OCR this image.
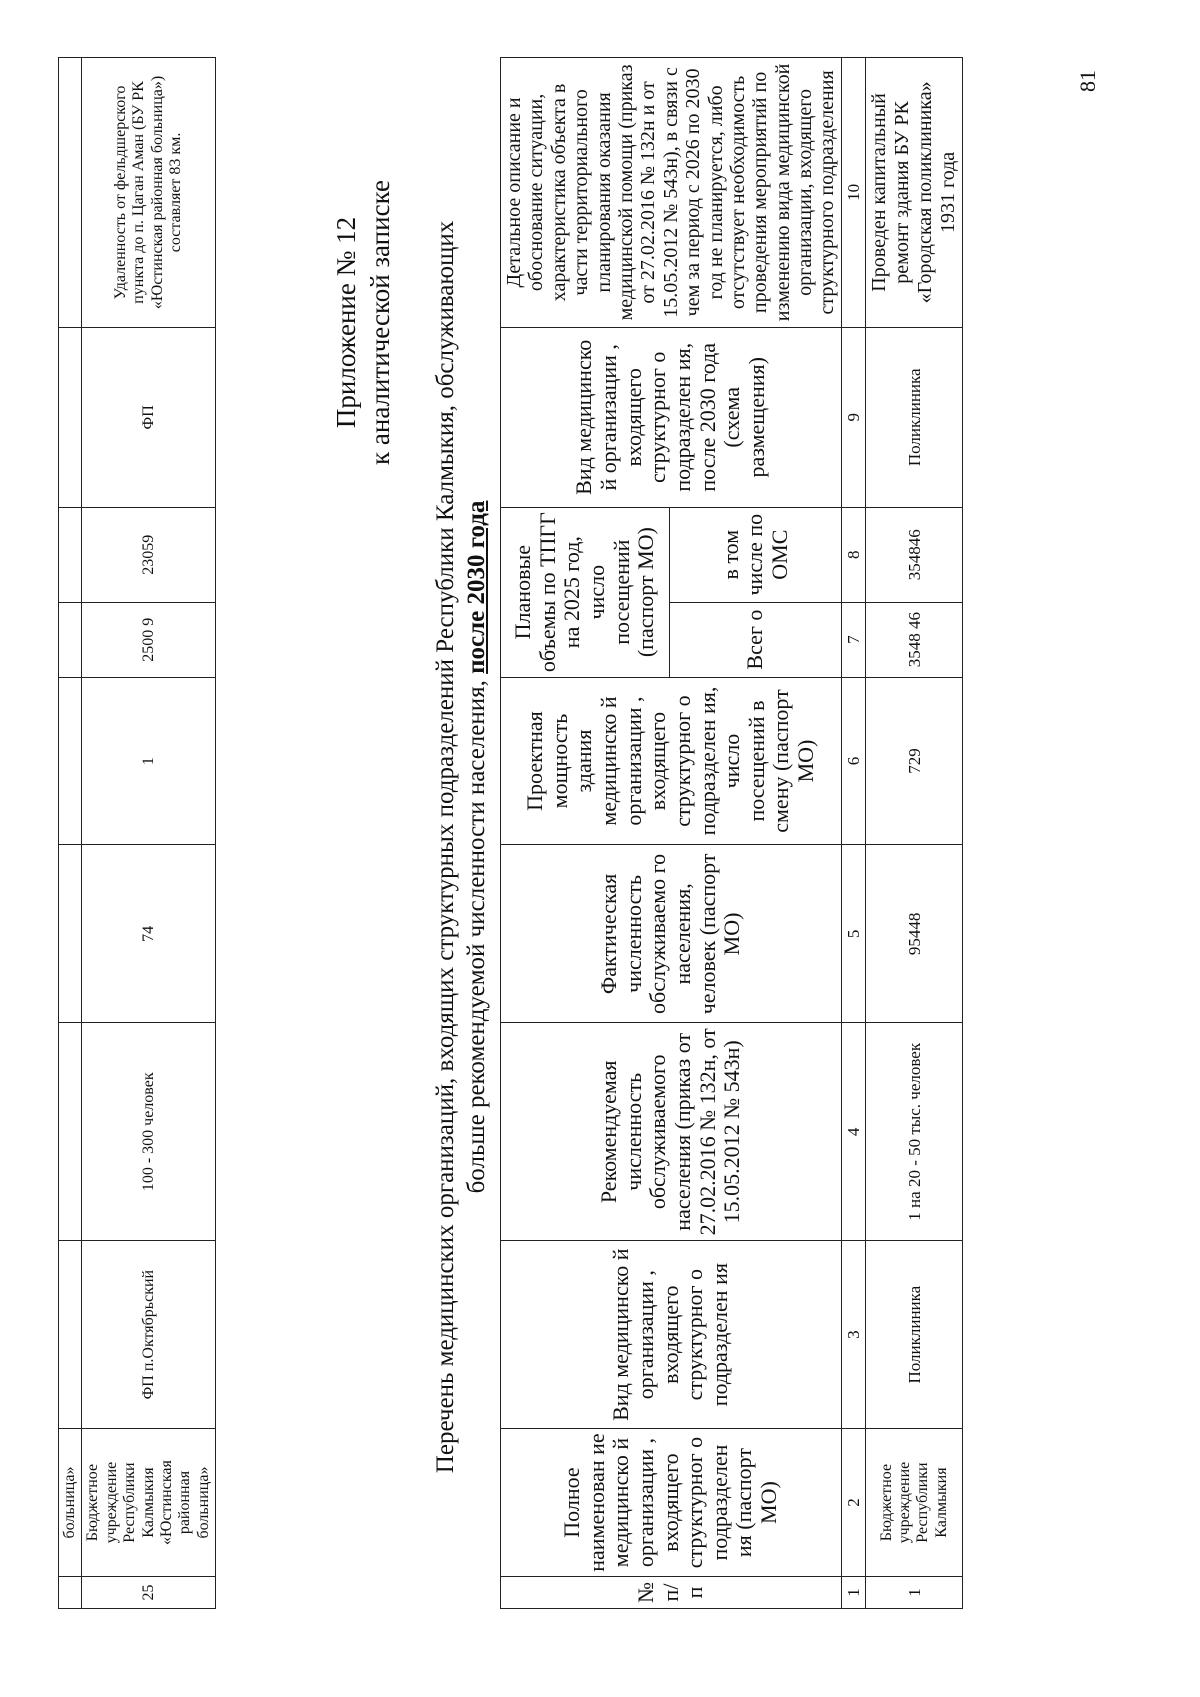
	больница»								
25	Бюджетное учреждение Республики Калмыкия «Юстинская районная больница»	ФП п.Октябрьский	100 - 300 человек	74	1	2500 9	23059	ФП	Удаленность от фельдшерского пункта до п. Цаган Аман (БУ РК «Юстинская районная больница») составляет 83 км.
Приложение № 12 к аналитической записке Перечень медицинских организаций, входящих структурных подразделений Республики Калмыкия, обслуживающих больше рекомендуемой численности населения, после 2030 года
№ п/п	Полное наименован ие медицинско й организации , входящего структурног о подразделен ия (паспорт МО)	Вид медицинско й организации , входящего структурног о подразделен ия	Рекомендуемая численность обслуживаемого населения (приказ от 27.02.2016 № 132н, от 15.05.2012 № 543н)	Фактическая численность обслуживаемо го населения, человек (паспорт МО)	Проектная мощность здания медицинско й организации , входящего структурног о подразделен ия, число посещений в смену (паспорт МО)	Плановые объемы по ТПГГ на 2025 год, число посещений (паспорт МО)		Вид медицинско й организации , входящего структурног о подразделен ия, после 2030 года (схема размещения)	Детальное описание и обоснование ситуации, характеристика объекта в части территориального планирования оказания медицинской помощи (приказ от 27.02.2016 № 132н и от 15.05.2012 № 543н), в связи с чем за период с 2026 по 2030 год не планируется, либо отсутствует необходимость проведения мероприятий по изменению вида медицинской организации, входящего структурного подразделения
						Всег о	в том числе по ОМС		
1	2	3	4	5	6	7	8	9	10
1	Бюджетное учреждение Республики Калмыкия	Поликлиника	1 на 20 - 50 тыс. человек	95448	729	3548 46	354846	Поликлиника	Проведен капитальный ремонт здания БУ РК «Городская поликлиника» 1931 года
81
